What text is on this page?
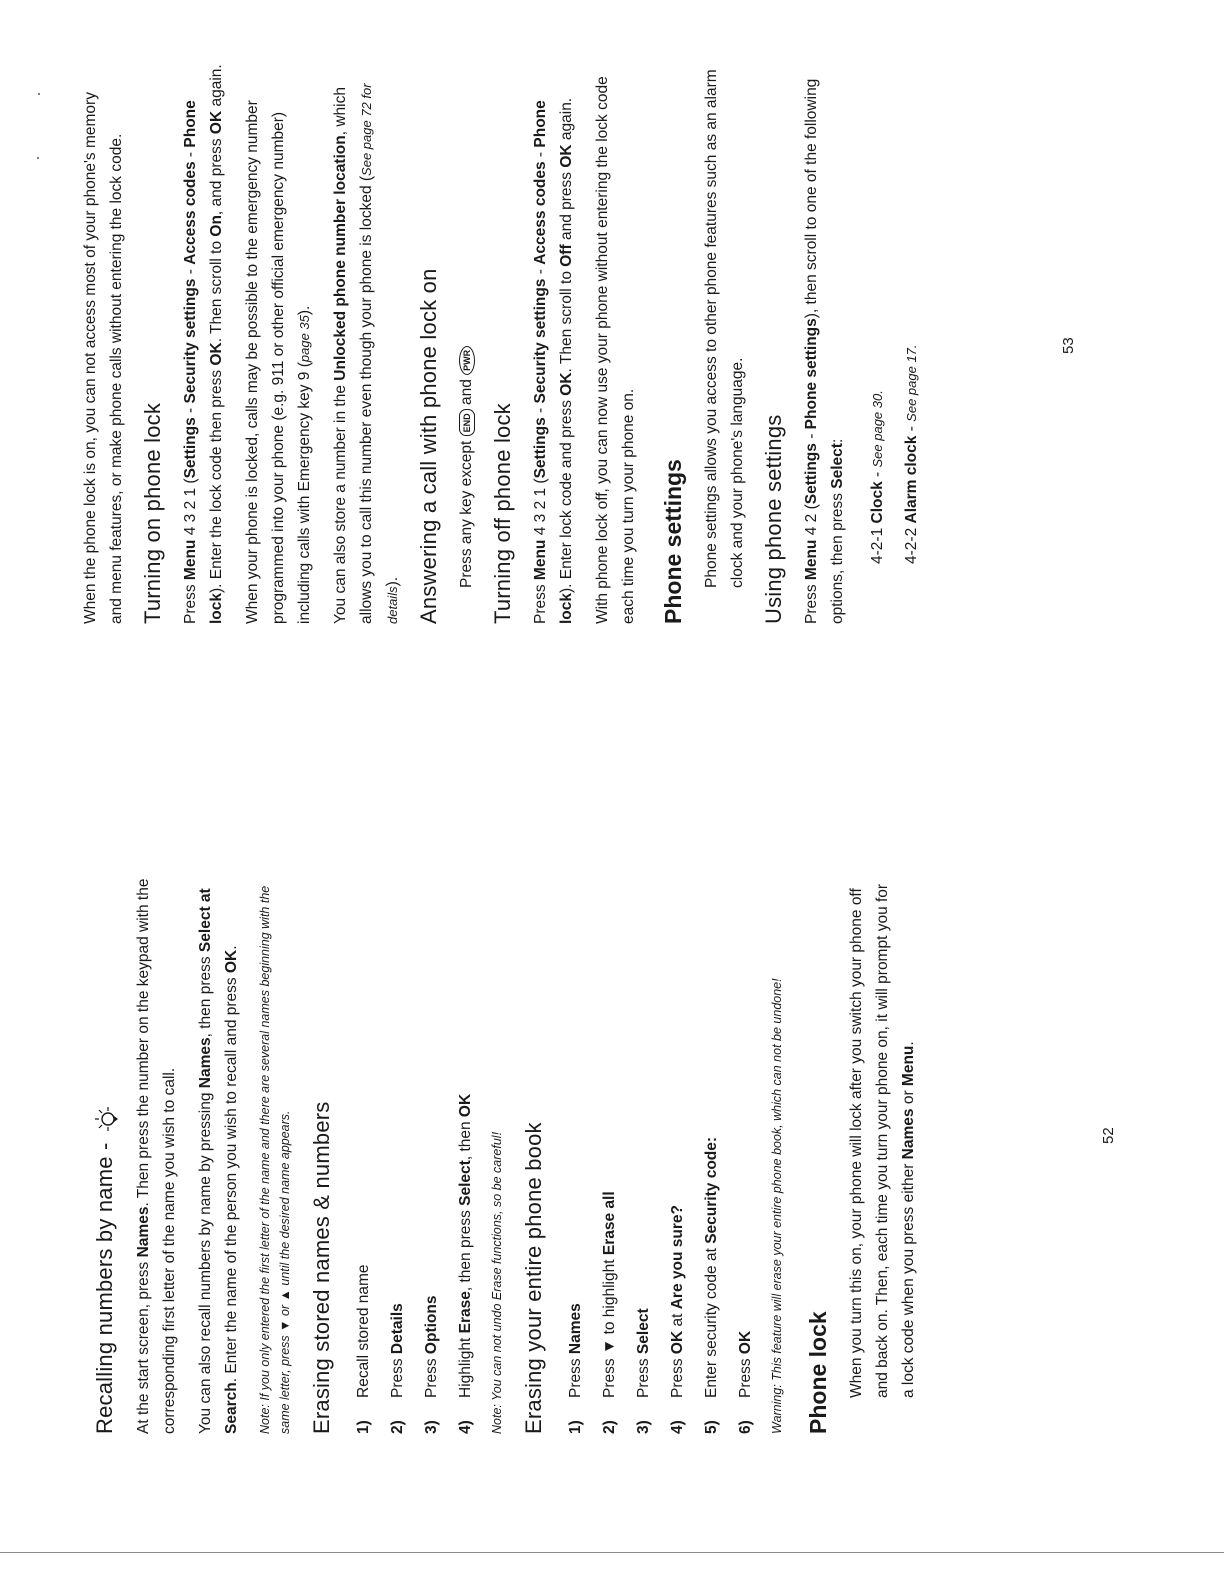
Recalling numbers by name - At the start screen, press Names. Then press the number on the keypad with the corresponding first letter of the name you wish to call.	You can also recall numbers by name by pressing Names, then press Select at Search. Enter the name of the person you wish to recall and press OK.	Note: If you only entered the first letter of the name and there are several names beginning with the same letter, press ▼ or ▲ until the desired name appears. Erasing stored names & numbers	1)
Recall stored name
2)
Press Details
3)
Press Options
4)
Highlight Erase, then press Select, then OK

Note: You can not undo Erase functions, so be careful! Erasing your entire phone book	1)
Press Names
2)
Press ▼ to highlight Erase all
3)
Press Select
4)
Press OK at Are you sure?
5)
Enter security code at Security code:
6)
Press OK	Warning: This feature will erase your entire phone book, which can not be undone! Phone lock When you turn this on, your phone will lock after you switch your phone off and back on. Then, each time you turn your phone on, it will prompt you for a lock code when you press either Names or Menu.

52

When the phone lock is on, you can not access most of your phone's memory and menu features, or make phone calls without entering the lock code. Turning on phone lock Press Menu 4 3 2 1 (Settings - Security settings - Access codes - Phone lock). Enter the lock code then press OK. Then scroll to On, and press OK again.

When your phone is locked, calls may be possible to the emergency number programmed into your phone (e.g. 911 or other official emergency number) including calls with Emergency key 9 (page 35).

You can also store a number in the Unlocked phone number location, which allows you to call this number even though your phone is locked (See page 72 for details). Answering a call with phone lock on Press any key except END and PWR

Turning off phone lock Press Menu 4 3 2 1 (Settings - Security settings - Access codes - Phone lock). Enter lock code and press OK. Then scroll to Off and press OK again.	With phone lock off, you can now use your phone without entering the lock code each time you turn your phone on. Phone settings Phone settings allows you access to other phone features such as an alarm clock and your phone's language. Using phone settings Press Menu 4 2 (Settings - Phone settings), then scroll to one of the following options, then press Select:

4-2-1 Clock - See page 30.
4-2-2 Alarm clock - See page 17.	53
